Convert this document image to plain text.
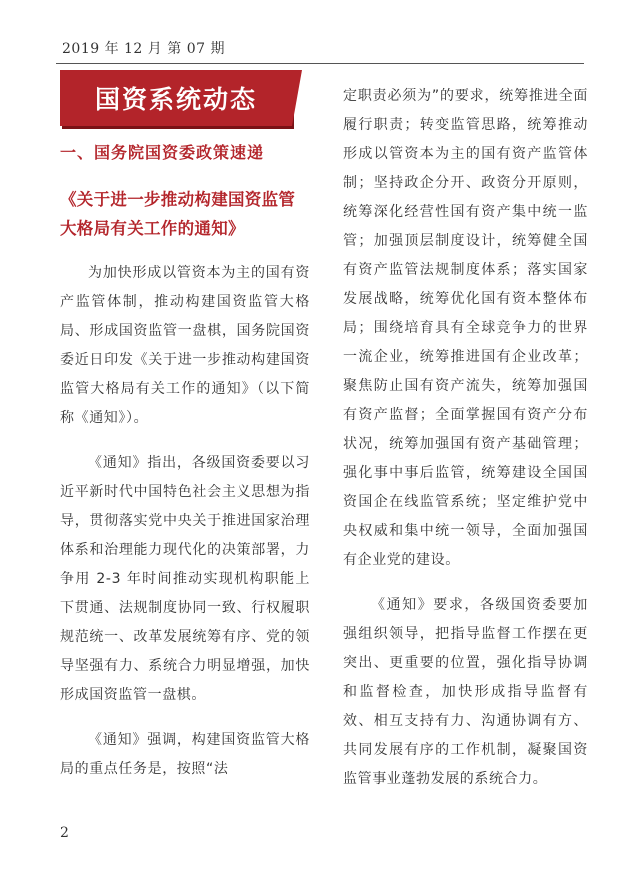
2019 年 12 月 第 07 期
国资系统动态
一、国务院国资委政策速递
《关于进一步推动构建国资监管大格局有关工作的通知》

为加快形成以管资本为主的国有资产监管体制，推动构建国资监管大格局、形成国资监管一盘棋，国务院国资委近日印发《关于进一步推动构建国资监管大格局有关工作的通知》（以下简称《通知》）。

《通知》指出，各级国资委要以习近平新时代中国特色社会主义思想为指导，贯彻落实党中央关于推进国家治理体系和治理能力现代化的决策部署，力争用 2-3 年时间推动实现机构职能上下贯通、法规制度协同一致、行权履职规范统一、改革发展统筹有序、党的领导坚强有力、系统合力明显增强，加快形成国资监管一盘棋。

《通知》强调，构建国资监管大格局的重点任务是，按照“法

定职责必须为”的要求，统筹推进全面履行职责；转变监管思路，统筹推动形成以管资本为主的国有资产监管体制；坚持政企分开、政资分开原则，统筹深化经营性国有资产集中统一监管；加强顶层制度设计，统筹健全国有资产监管法规制度体系；落实国家发展战略，统筹优化国有资本整体布局；围绕培育具有全球竞争力的世界一流企业，统筹推进国有企业改革；聚焦防止国有资产流失，统筹加强国有资产监督；全面掌握国有资产分布状况，统筹加强国有资产基础管理；强化事中事后监管，统筹建设全国国资国企在线监管系统；坚定维护党中央权威和集中统一领导，全面加强国有企业党的建设。

《通知》要求，各级国资委要加强组织领导，把指导监督工作摆在更突出、更重要的位置，强化指导协调和监督检查，加快形成指导监督有效、相互支持有力、沟通协调有方、共同发展有序的工作机制，凝聚国资监管事业蓬勃发展的系统合力。

2
